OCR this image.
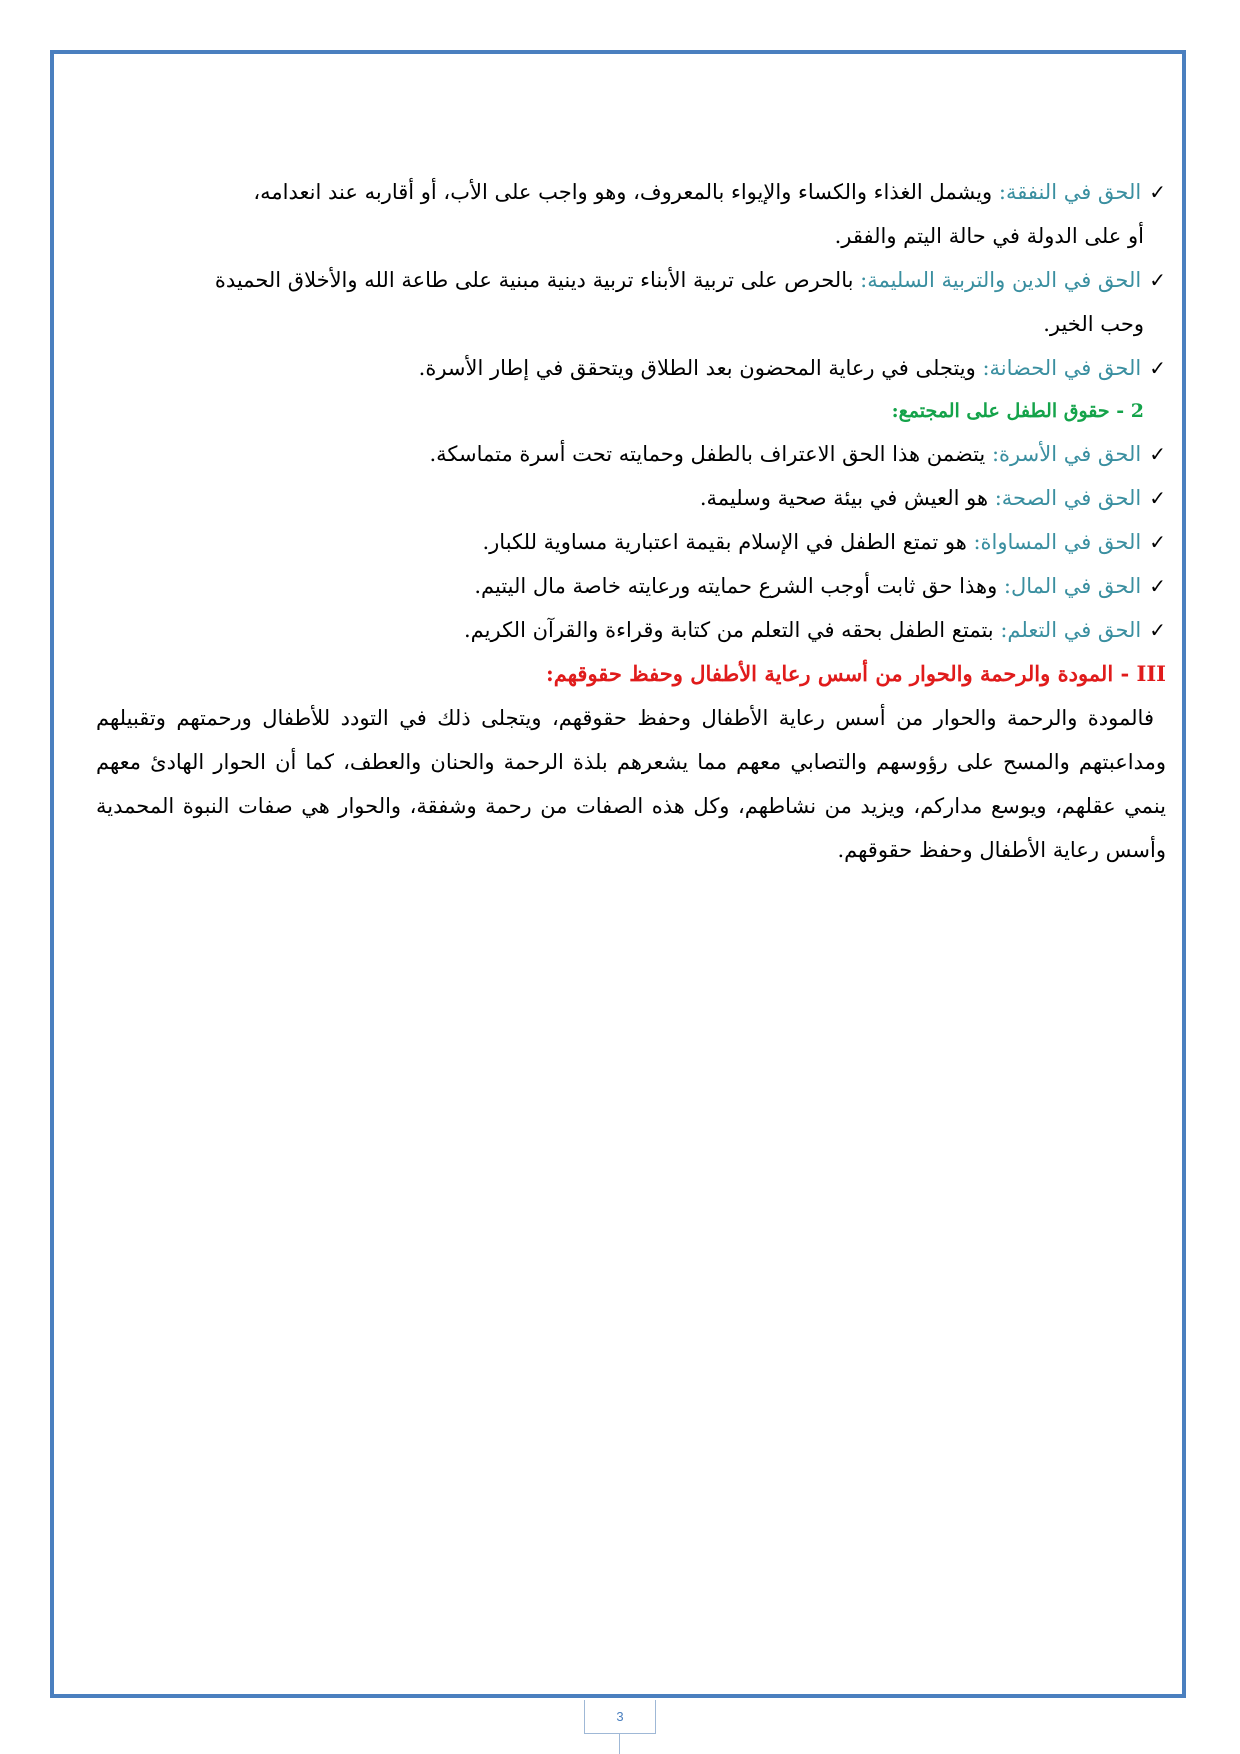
✓الحق في النفقة: ويشمل الغذاء والكساء والإيواء بالمعروف، وهو واجب على الأب، أو أقاربه عند انعدامه،

أو على الدولة في حالة اليتم والفقر.

✓الحق في الدين والتربية السليمة: بالحرص على تربية الأبناء تربية دينية مبنية على طاعة الله والأخلاق الحميدة

وحب الخير.

✓الحق في الحضانة: ويتجلى في رعاية المحضون بعد الطلاق ويتحقق في إطار الأسرة.

2 - حقوق الطفل على المجتمع:

✓الحق في الأسرة: يتضمن هذا الحق الاعتراف بالطفل وحمايته تحت أسرة متماسكة.

✓الحق في الصحة: هو العيش في بيئة صحية وسليمة.

✓الحق في المساواة: هو تمتع الطفل في الإسلام بقيمة اعتبارية مساوية للكبار.

✓الحق في المال: وهذا حق ثابت أوجب الشرع حمايته ورعايته خاصة مال اليتيم.

✓الحق في التعلم: بتمتع الطفل بحقه في التعلم من كتابة وقراءة والقرآن الكريم.

III - المودة والرحمة والحوار من أسس رعاية الأطفال وحفظ حقوقهم:

فالمودة والرحمة والحوار من أسس رعاية الأطفال وحفظ حقوقهم، ويتجلى ذلك في التودد للأطفال ورحمتهم وتقبيلهم ومداعبتهم والمسح على رؤوسهم والتصابي معهم مما يشعرهم بلذة الرحمة والحنان والعطف، كما أن الحوار الهادئ معهم ينمي عقلهم، ويوسع مداركم، ويزيد من نشاطهم، وكل هذه الصفات من رحمة وشفقة، والحوار هي صفات النبوة المحمدية وأسس رعاية الأطفال وحفظ حقوقهم.

3
